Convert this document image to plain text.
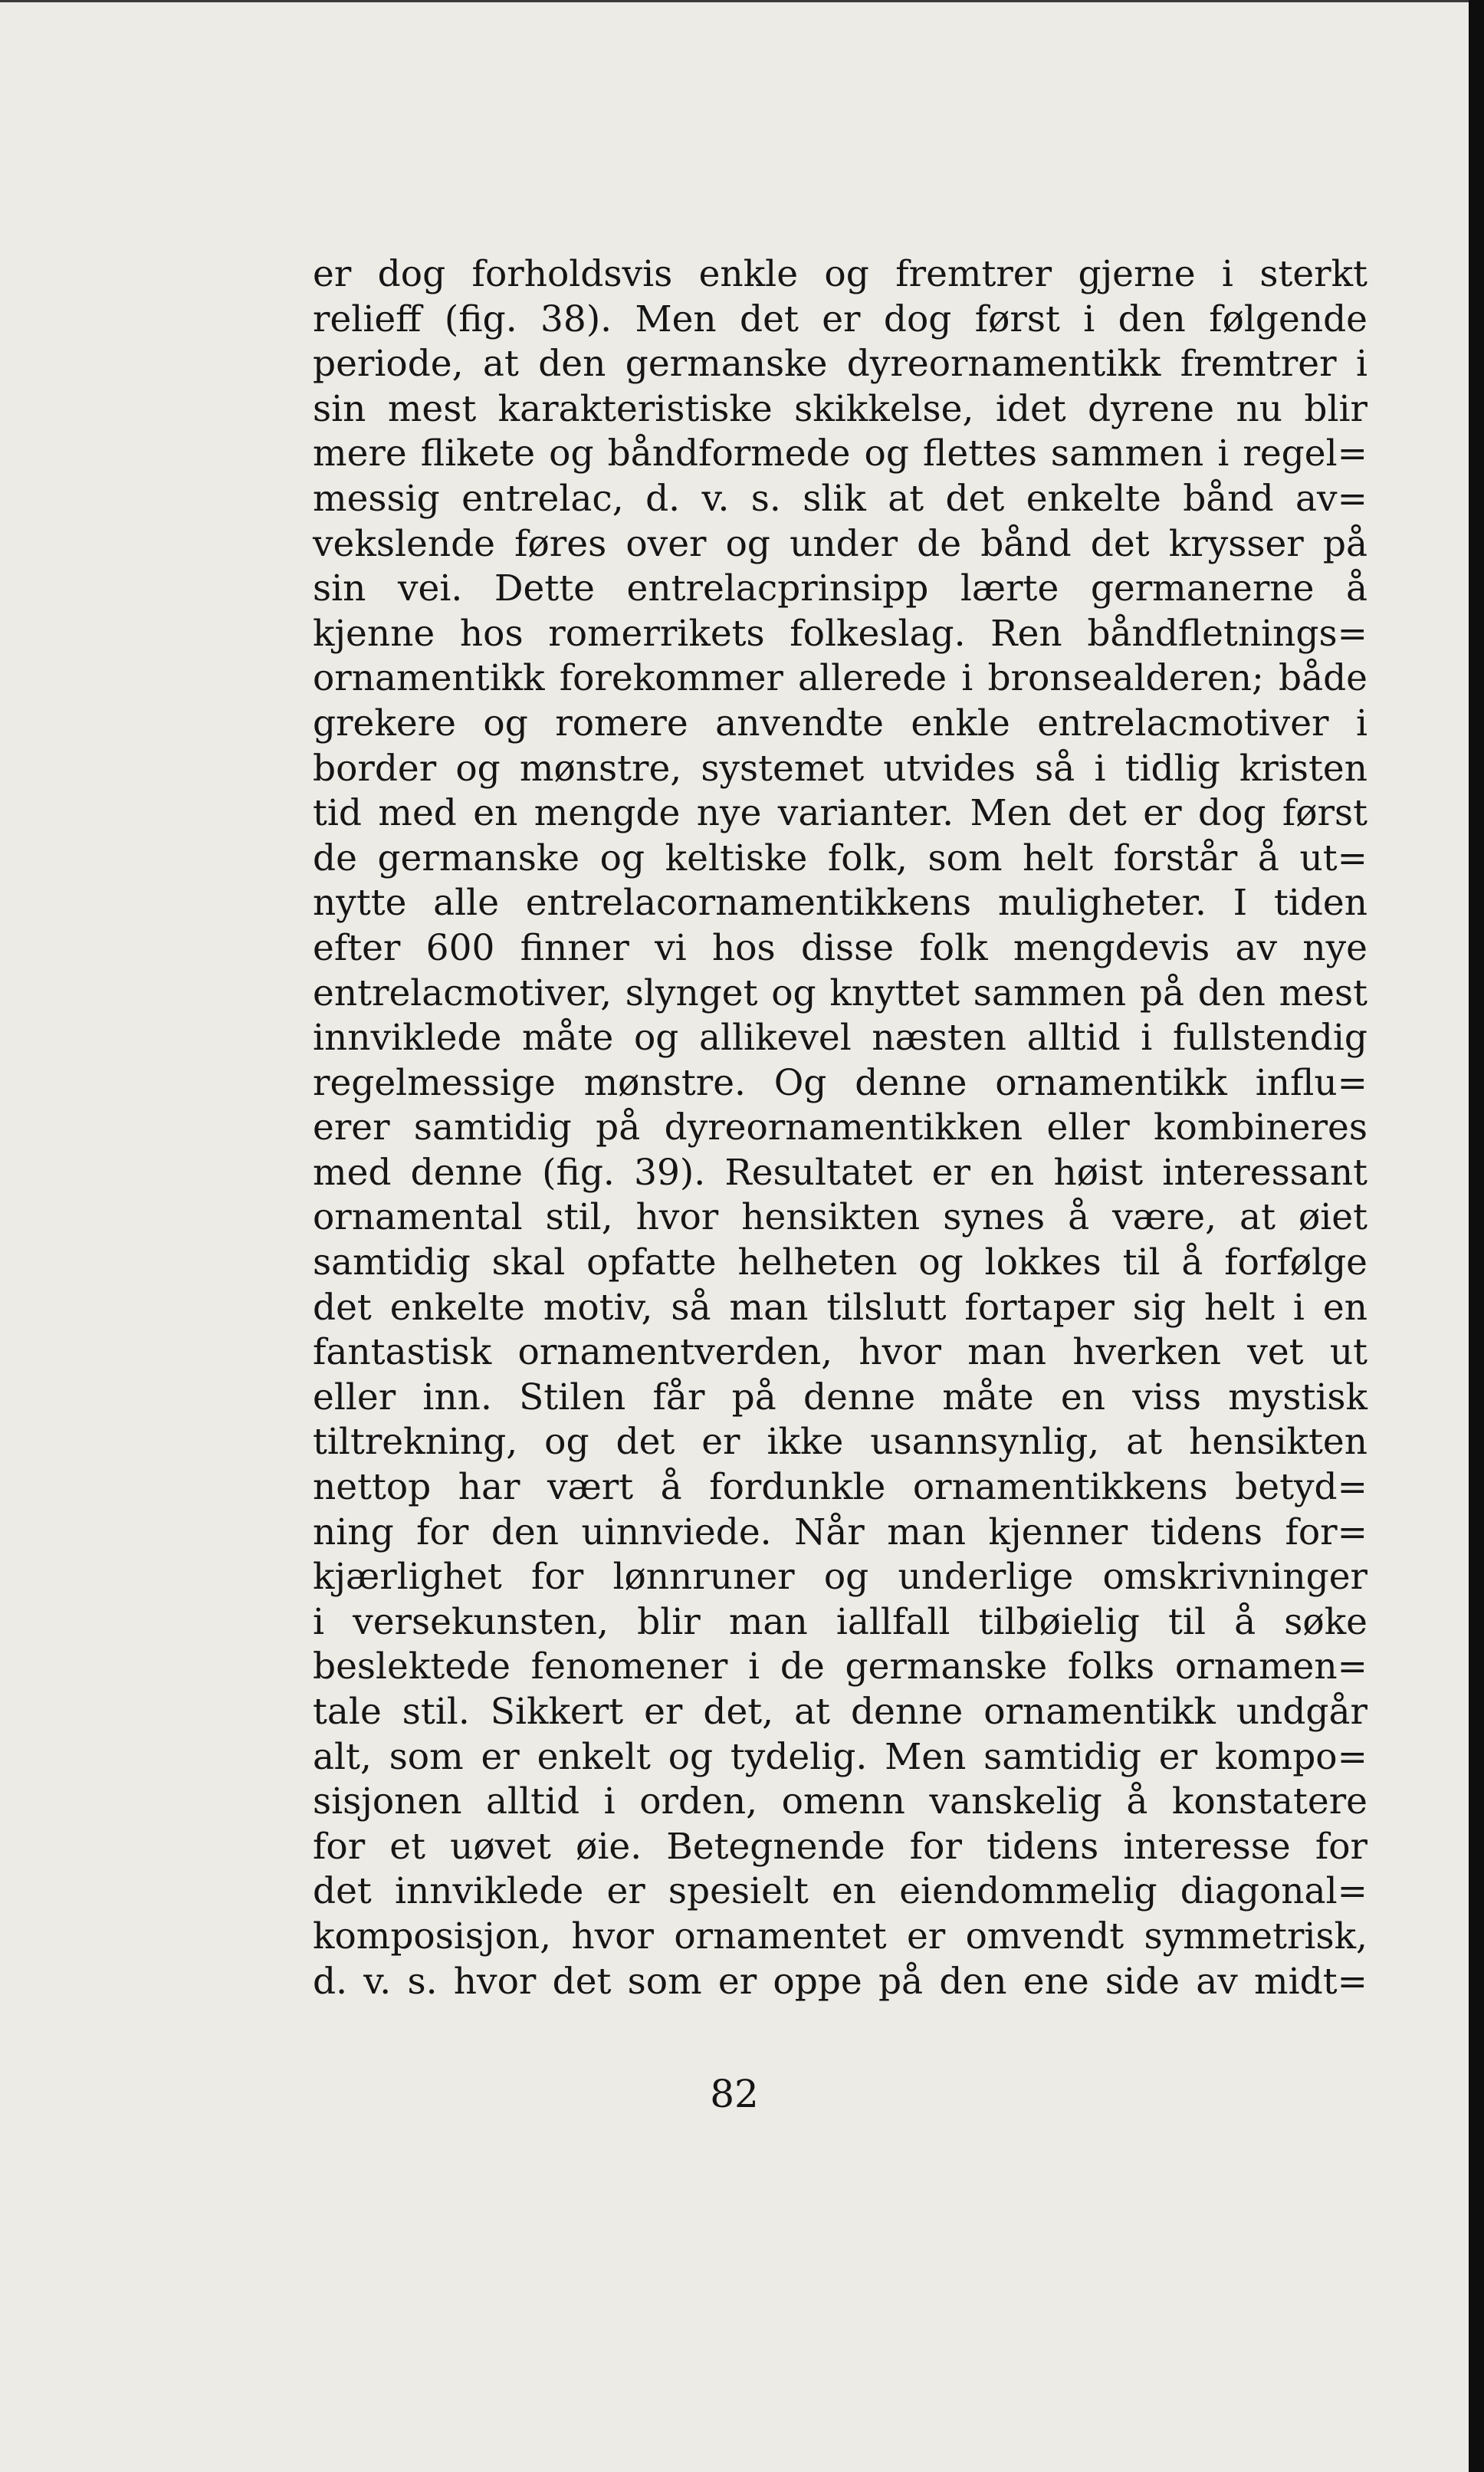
er dog forholdsvis enkle og fremtrer gjerne i sterkt
relieff (fig. 38). Men det er dog først i den følgende
periode, at den germanske dyreornamentikk fremtrer i
sin mest karakteristiske skikkelse, idet dyrene nu blir
mere flikete og båndformede og flettes sammen i regel=
messig entrelac, d. v. s. slik at det enkelte bånd av=
vekslende føres over og under de bånd det krysser på
sin vei. Dette entrelacprinsipp lærte germanerne å
kjenne hos romerrikets folkeslag. Ren båndfletnings=
ornamentikk forekommer allerede i bronsealderen; både
grekere og romere anvendte enkle entrelacmotiver i
border og mønstre, systemet utvides så i tidlig kristen
tid med en mengde nye varianter. Men det er dog først
de germanske og keltiske folk, som helt forstår å ut=
nytte alle entrelacornamentikkens muligheter. I tiden
efter 600 finner vi hos disse folk mengdevis av nye
entrelacmotiver, slynget og knyttet sammen på den mest
innviklede måte og allikevel næsten alltid i fullstendig
regelmessige mønstre. Og denne ornamentikk influ=
erer samtidig på dyreornamentikken eller kombineres
med denne (fig. 39). Resultatet er en høist interessant
ornamental stil, hvor hensikten synes å være, at øiet
samtidig skal opfatte helheten og lokkes til å forfølge
det enkelte motiv, så man tilslutt fortaper sig helt i en
fantastisk ornamentverden, hvor man hverken vet ut
eller inn. Stilen får på denne måte en viss mystisk
tiltrekning, og det er ikke usannsynlig, at hensikten
nettop har vært å fordunkle ornamentikkens betyd=
ning for den uinnviede. Når man kjenner tidens for=
kjærlighet for lønnruner og underlige omskrivninger
i versekunsten, blir man iallfall tilbøielig til å søke
beslektede fenomener i de germanske folks ornamen=
tale stil. Sikkert er det, at denne ornamentikk undgår
alt, som er enkelt og tydelig. Men samtidig er kompo=
sisjonen alltid i orden, omenn vanskelig å konstatere
for et uøvet øie. Betegnende for tidens interesse for
det innviklede er spesielt en eiendommelig diagonal=
komposisjon, hvor ornamentet er omvendt symmetrisk,
d. v. s. hvor det som er oppe på den ene side av midt=
82
